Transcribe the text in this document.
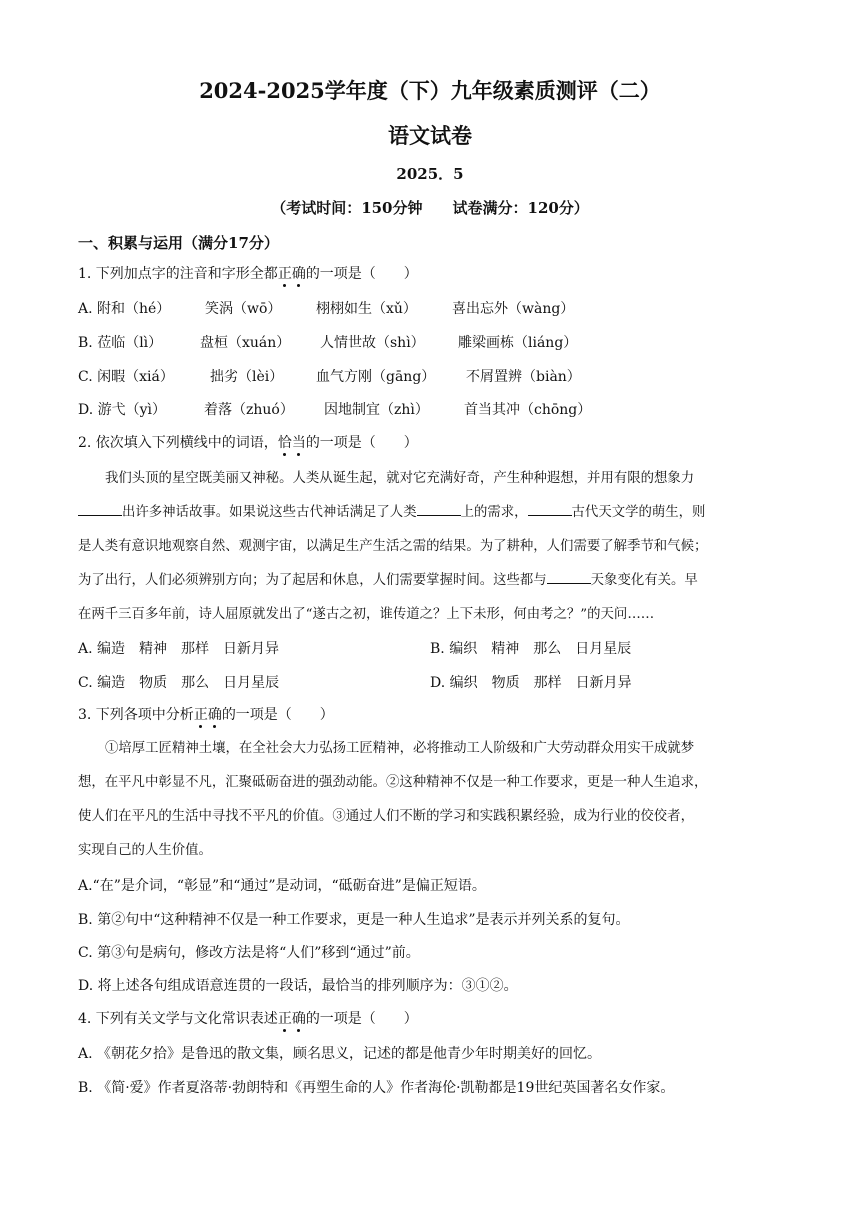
2024-2025学年度（下）九年级素质测评（二）
语文试卷
2025．5
（考试时间：150分钟 试卷满分：120分）
一、积累与运用（满分17分）
1. 下列加点字的注音和字形全都正确的一项是（　　）
A. 附和（hé） 笑涡（wō） 栩栩如生（xǔ）	喜出忘外（wàng）
B. 莅临（lì）	盘桓（xuán） 人情世故（shì） 雕梁画栋（liáng）
C. 闲暇（xiá）	拙劣（lèi） 血气方刚（gāng） 不屑置辨（biàn）
D. 游弋（yì）	着落（zhuó） 因地制宜（zhì）	首当其冲（chōng）
2. 依次填入下列横线中的词语，恰当的一项是（　　）
我们头顶的星空既美丽又神秘。人类从诞生起，就对它充满好奇，产生种种遐想，并用有限的想象力
出许多神话故事。如果说这些古代神话满足了人类	上的需求，	古代天文学的萌生，则
是人类有意识地观察自然、观测宇宙，以满足生产生活之需的结果。为了耕种，人们需要了解季节和气候；
为了出行，人们必须辨别方向；为了起居和休息，人们需要掌握时间。这些都与	天象变化有关。早
在两千三百多年前，诗人屈原就发出了“遂古之初，谁传道之？上下未形，何由考之？”的天问……
A. 编造　精神　那样　日新月异	B. 编织　精神　那么　日月星辰
C. 编造　物质　那么　日月星辰	D. 编织　物质　那样　日新月异
3. 下列各项中分析正确的一项是（　　）
①培厚工匠精神土壤，在全社会大力弘扬工匠精神，必将推动工人阶级和广大劳动群众用实干成就梦
想，在平凡中彰显不凡，汇聚砥砺奋进的强劲动能。②这种精神不仅是一种工作要求，更是一种人生追求，
使人们在平凡的生活中寻找不平凡的价值。③通过人们不断的学习和实践积累经验，成为行业的佼佼者，
实现自己的人生价值。
A.“在”是介词，“彰显”和“通过”是动词，“砥砺奋进”是偏正短语。
B. 第②句中“这种精神不仅是一种工作要求，更是一种人生追求”是表示并列关系的复句。
C. 第③句是病句，修改方法是将“人们”移到“通过”前。
D. 将上述各句组成语意连贯的一段话，最恰当的排列顺序为：③①②。
4. 下列有关文学与文化常识表述正确的一项是（　　）
A. 《朝花夕拾》是鲁迅的散文集，顾名思义，记述的都是他青少年时期美好的回忆。
B. 《简·爱》作者夏洛蒂·勃朗特和《再塑生命的人》作者海伦·凯勒都是19世纪英国著名女作家。
